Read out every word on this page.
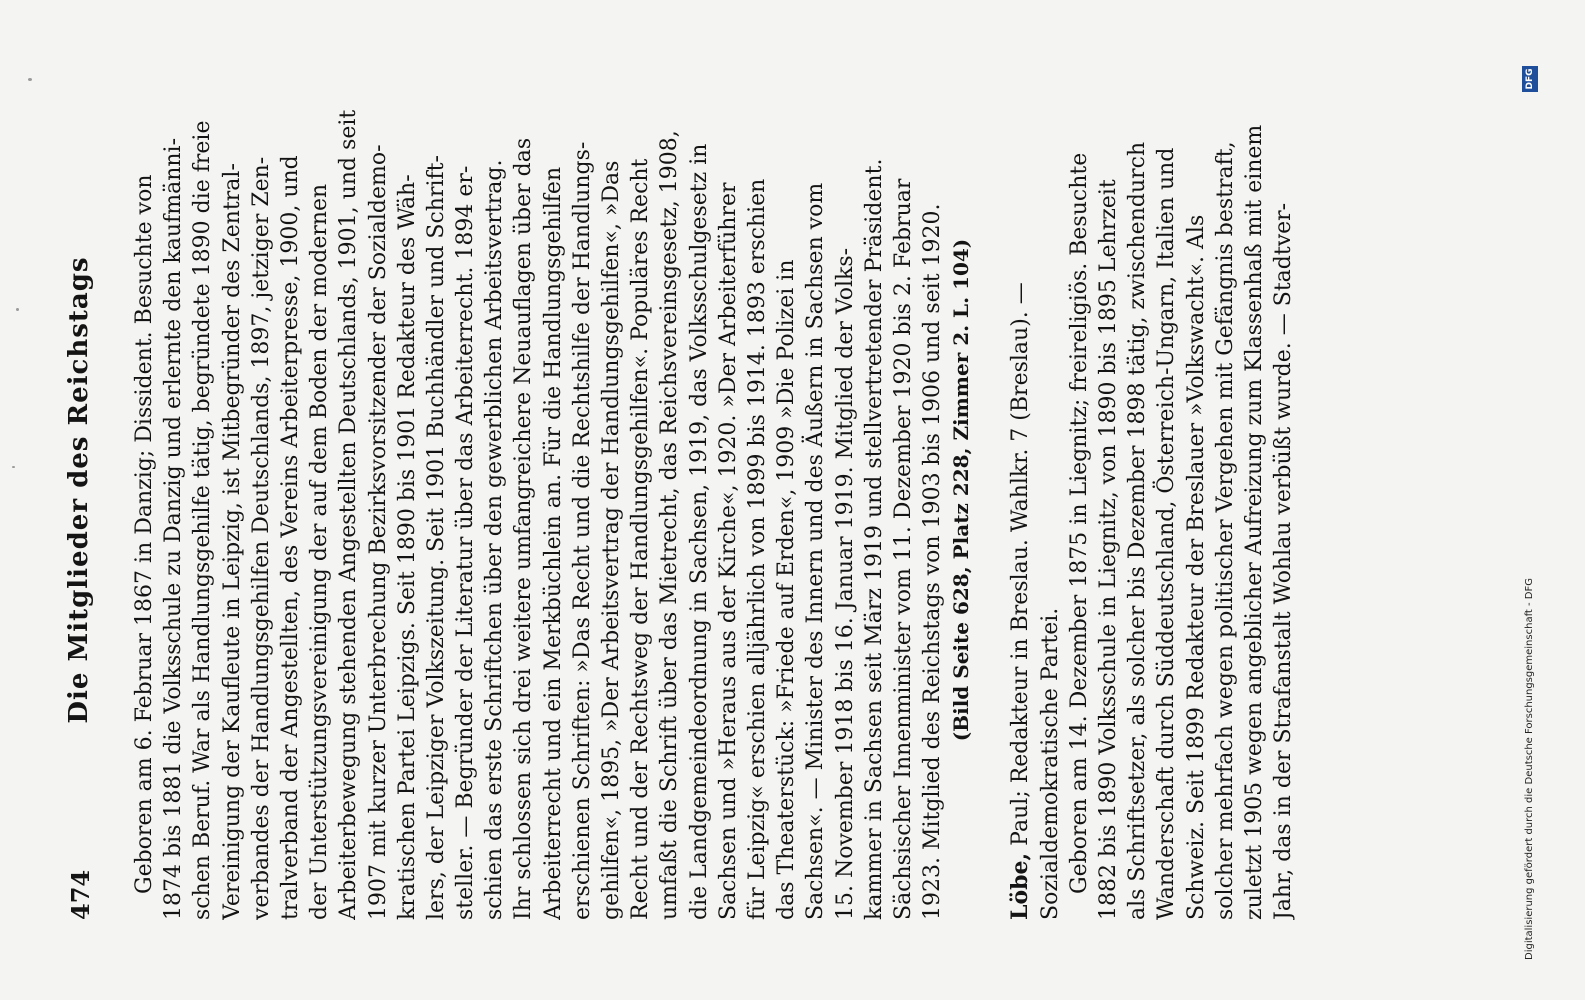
474
Die Mitglieder des Reichstags Geboren am 6. Februar 1867 in Danzig; Dissident. Besuchte von 1874 bis 1881 die Volksschule zu Danzig und erlernte den kaufmänni- schen Beruf. War als Handlungsgehilfe tätig, begründete 1890 die freie Vereinigung der Kaufleute in Leipzig, ist Mitbegründer des Zentral- verbandes der Handlungsgehilfen Deutschlands, 1897, jetziger Zen- tralverband der Angestellten, des Vereins Arbeiterpresse, 1900, und der Unterstützungsvereinigung der auf dem Boden der modernen Arbeiterbewegung stehenden Angestellten Deutschlands, 1901, und seit 1907 mit kurzer Unterbrechung Bezirksvorsitzender der Sozialdemo- kratischen Partei Leipzigs. Seit 1890 bis 1901 Redakteur des Wäh- lers, der Leipziger Volkszeitung. Seit 1901 Buchhändler und Schrift- steller. — Begründer der Literatur über das Arbeiterrecht. 1894 er- schien das erste Schriftchen über den gewerblichen Arbeitsvertrag. Ihr schlossen sich drei weitere umfangreichere Neuauflagen über das Arbeiterrecht und ein Merkbüchlein an. Für die Handlungsgehilfen erschienen Schriften: »Das Recht und die Rechtshilfe der Handlungs- gehilfen«, 1895, »Der Arbeitsvertrag der Handlungsgehilfen«, »Das Recht und der Rechtsweg der Handlungsgehilfen«. Populäres Recht umfaßt die Schrift über das Mietrecht, das Reichsvereinsgesetz, 1908, die Landgemeindeordnung in Sachsen, 1919, das Volksschulgesetz in Sachsen und »Heraus aus der Kirche«, 1920. »Der Arbeiterführer für Leipzig« erschien alljährlich von 1899 bis 1914. 1893 erschien das Theaterstück: »Friede auf Erden«, 1909 »Die Polizei in Sachsen«. — Minister des Innern und des Äußern in Sachsen vom 15. November 1918 bis 16. Januar 1919. Mitglied der Volks- kammer in Sachsen seit März 1919 und stellvertretender Präsident. Sächsischer Innenminister vom 11. Dezember 1920 bis 2. Februar 1923. Mitglied des Reichstags von 1903 bis 1906 und seit 1920. (Bild Seite 628, Platz 228, Zimmer 2. L. 104)
Löbe, Paul; Redakteur in Breslau. Wahlkr. 7 (Breslau). — Sozialdemokratische Partei. Geboren am 14. Dezember 1875 in Liegnitz; freireligiös. Besuchte 1882 bis 1890 Volksschule in Liegnitz, von 1890 bis 1895 Lehrzeit als Schriftsetzer, als solcher bis Dezember 1898 tätig, zwischendurch Wanderschaft durch Süddeutschland, Österreich-Ungarn, Italien und Schweiz. Seit 1899 Redakteur der Breslauer »Volkswacht«. Als solcher mehrfach wegen politischer Vergehen mit Gefängnis bestraft, zuletzt 1905 wegen angeblicher Aufreizung zum Klassenhaß mit einem Jahr, das in der Strafanstalt Wohlau verbüßt wurde. — Stadtver-	Digitalisierung gefördert durch die Deutsche Forschungsgemeinschaft - DFG
DFG
